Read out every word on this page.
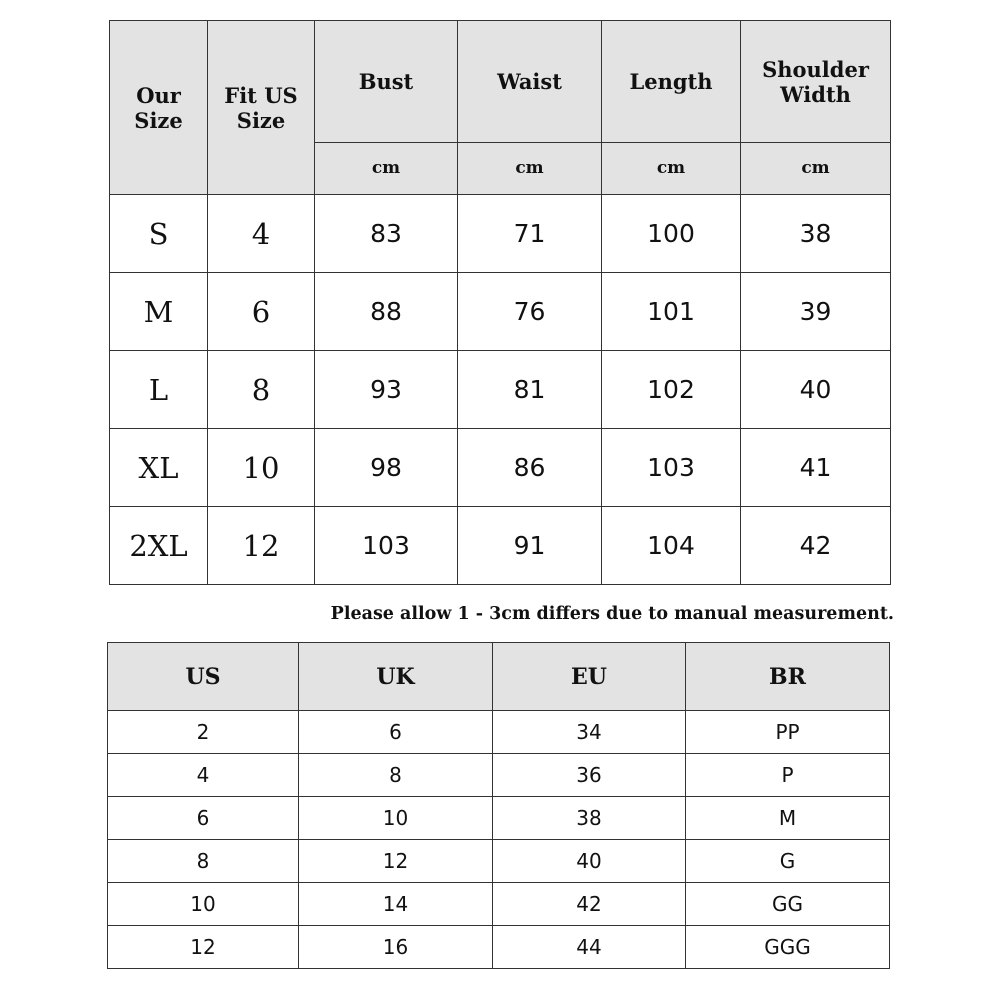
Our Size	Fit US Size	Bust	Waist	Length	Shoulder Width
		cm	cm	cm	cm
S	4	83	71	100	38
M	6	88	76	101	39
L	8	93	81	102	40
XL	10	98	86	103	41
2XL	12	103	91	104	42
Please allow 1 - 3cm differs due to manual measurement.
US	UK	EU	BR
2	6	34	PP
4	8	36	P
6	10	38	M
8	12	40	G
10	14	42	GG
12	16	44	GGG
